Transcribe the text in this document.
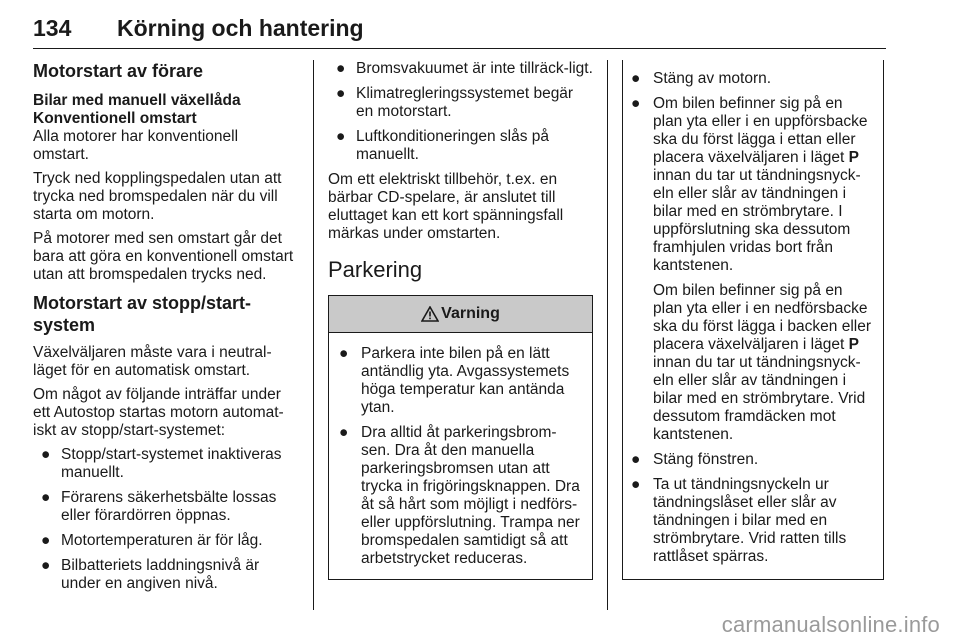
134 Körning och hantering
Motorstart av förare
Bilar med manuell växellåda
Konventionell omstart

Alla motorer har konventionell omstart.

Tryck ned kopplingspedalen utan att trycka ned bromspedalen när du vill starta om motorn.

På motorer med sen omstart går det bara att göra en konventionell omstart utan att bromspedalen trycks ned.

Motorstart av stopp/start-system

Växelväljaren måste vara i neutral-läget för en automatisk omstart.

Om något av följande inträffar under ett Autostop startas motorn automat-iskt av stopp/start-systemet:

● Stopp/start-systemet inaktiveras manuellt.
● Förarens säkerhetsbälte lossas eller förardörren öppnas.
● Motortemperaturen är för låg.
● Bilbatteriets laddningsnivå är under en angiven nivå.
● Bromsvakuumet är inte tillräck-ligt.
● Klimatregleringssystemet begär en motorstart.
● Luftkonditioneringen slås på manuellt.

Om ett elektriskt tillbehör, t.ex. en bärbar CD-spelare, är anslutet till eluttaget kan ett kort spänningsfall märkas under omstarten.

Parkering
Varning
● Parkera inte bilen på en lätt antändlig yta. Avgassystemets höga temperatur kan antända ytan.
● Dra alltid åt parkeringsbrom-sen. Dra åt den manuella parkeringsbromsen utan att trycka in frigöringsknappen. Dra åt så hårt som möjligt i nedförs- eller uppförslutning. Trampa ner bromspedalen samtidigt så att arbetstrycket reduceras.
● Stäng av motorn.
● Om bilen befinner sig på en plan yta eller i en uppförsbacke ska du först lägga i ettan eller placera växelväljaren i läget P innan du tar ut tändningsnyck-eln eller slår av tändningen i bilar med en strömbrytare. I uppförslutning ska dessutom framhjulen vridas bort från kantstenen.

Om bilen befinner sig på en plan yta eller i en nedförsbacke ska du först lägga i backen eller placera växelväljaren i läget P innan du tar ut tändningsnyck-eln eller slår av tändningen i bilar med en strömbrytare. Vrid dessutom framdäcken mot kantstenen.

● Stäng fönstren.
● Ta ut tändningsnyckeln ur tändningslåset eller slår av tändningen i bilar med en strömbrytare. Vrid ratten tills rattlåset spärras.
carmanualsonline.info
